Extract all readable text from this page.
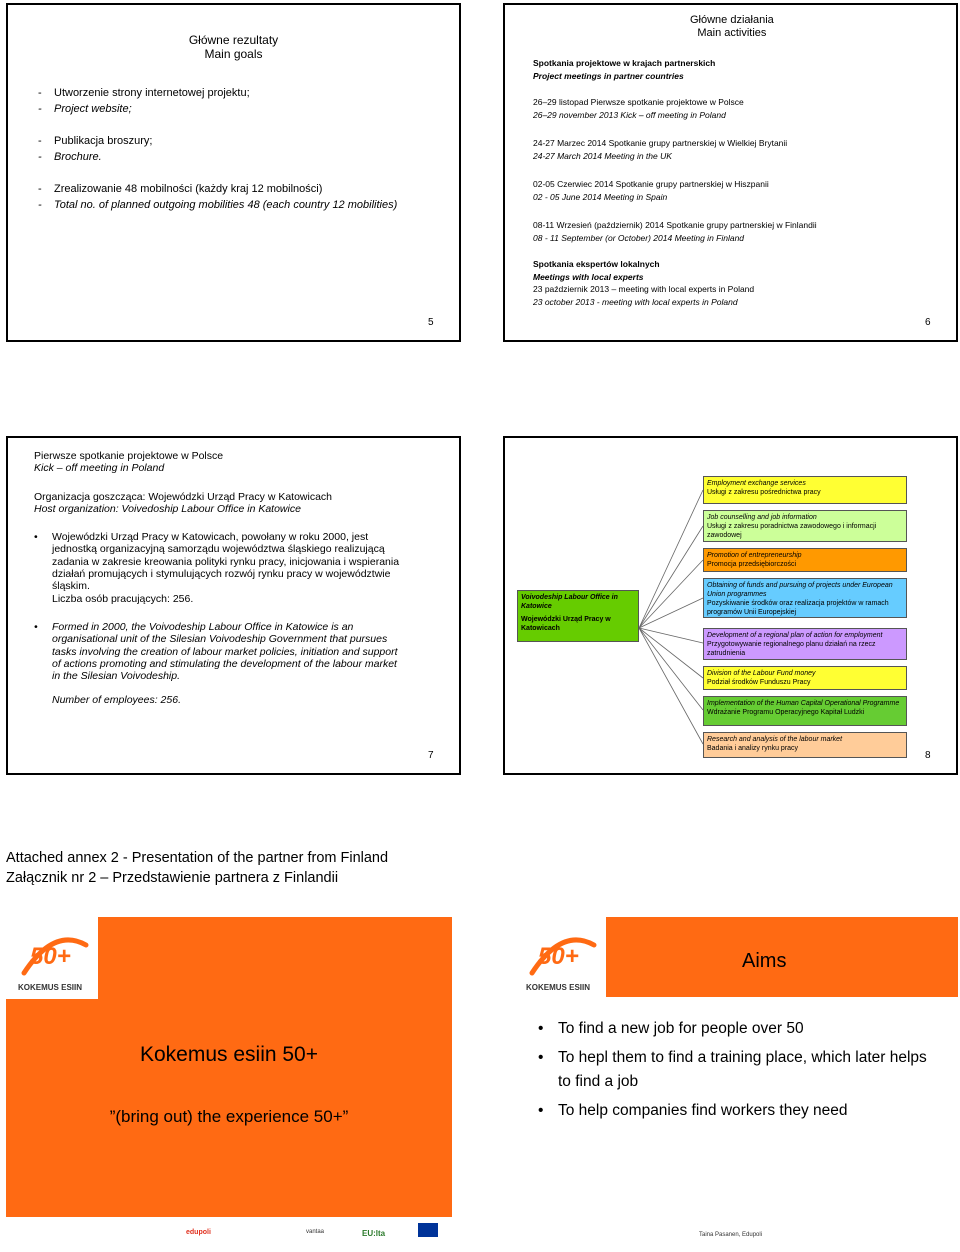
Główne rezultaty
Main goals
- Utworzenie strony internetowej projektu;
- Project website;
- Publikacja broszury;
- Brochure.
- Zrealizowanie 48 mobilności (każdy kraj 12 mobilności)
- Total no. of planned outgoing mobilities 48 (each country 12 mobilities)
5
Główne działania
Main activities
Spotkania projektowe w krajach partnerskich
Project meetings in partner countries
26–29 listopad Pierwsze spotkanie projektowe w Polsce
26–29 november 2013 Kick – off meeting in Poland
24-27 Marzec 2014 Spotkanie grupy partnerskiej w Wielkiej Brytanii
24-27 March 2014 Meeting in the UK
02-05 Czerwiec 2014 Spotkanie grupy partnerskiej w Hiszpanii
02 - 05 June 2014 Meeting in Spain
08-11 Wrzesień (październik) 2014 Spotkanie grupy partnerskiej w Finlandii
08 - 11 September (or October) 2014 Meeting in Finland
Spotkania ekspertów lokalnych
Meetings with local experts
23 październik 2013 – meeting with local experts in Poland
23 october 2013 - meeting with local experts in Poland
6
Pierwsze spotkanie projektowe w Polsce
Kick – off meeting in Poland
Organizacja goszcząca: Wojewódzki Urząd Pracy w Katowicach
Host organization: Voivedoship Labour Office in Katowice
• Wojewódzki Urząd Pracy w Katowicach, powołany w roku 2000, jest
jednostką organizacyjną samorządu województwa śląskiego realizującą
zadania w zakresie kreowania polityki rynku pracy, inicjowania i wspierania
działań promujących i stymulujących rozwój rynku pracy w województwie
śląskim.
Liczba osób pracujących: 256.
• Formed in 2000, the Voivodeship Labour Office in Katowice is an
organisational unit of the Silesian Voivodeship Government that pursues
tasks involving the creation of labour market policies, initiation and support
of actions promoting and stimulating the development of the labour market
in the Silesian Voivodeship.
Number of employees: 256.
7
Voivodeship Labour Office in Katowice
Wojewódzki Urząd Pracy w Katowicach
Employment exchange services
Usługi z zakresu pośrednictwa pracy
Job counselling and job information
Usługi z zakresu poradnictwa zawodowego i informacji zawodowej
Promotion of entrepreneurship
Promocja przedsiębiorczości
Obtaining of funds and pursuing of projects under European Union programmes
Pozyskiwanie środków oraz realizacja projektów w ramach programów Unii Europejskiej
Development of a regional plan of action for employment
Przygotowywanie regionalnego planu działań na rzecz zatrudnienia
Division of the Labour Fund money
Podział środków Funduszu Pracy
Implementation of the Human Capital Operational Programme
Wdrażanie Programu Operacyjnego Kapitał Ludzki
Research and analysis of the labour market
Badania i analizy rynku pracy
8
Attached annex 2 - Presentation of the partner from Finland
Załącznik nr 2 – Przedstawienie partnera z Finlandii
50+
KOKEMUS ESIIN
Kokemus esiin 50+
”(bring out) the experience 50+”
edupoli	vantaa	EU:lta
50+
KOKEMUS ESIIN
Aims
• To find a new job for people over 50
• To hepl them to find a training place, which later helps to find a job
• To help companies find workers they need
Taina Pasanen, Edupoli
